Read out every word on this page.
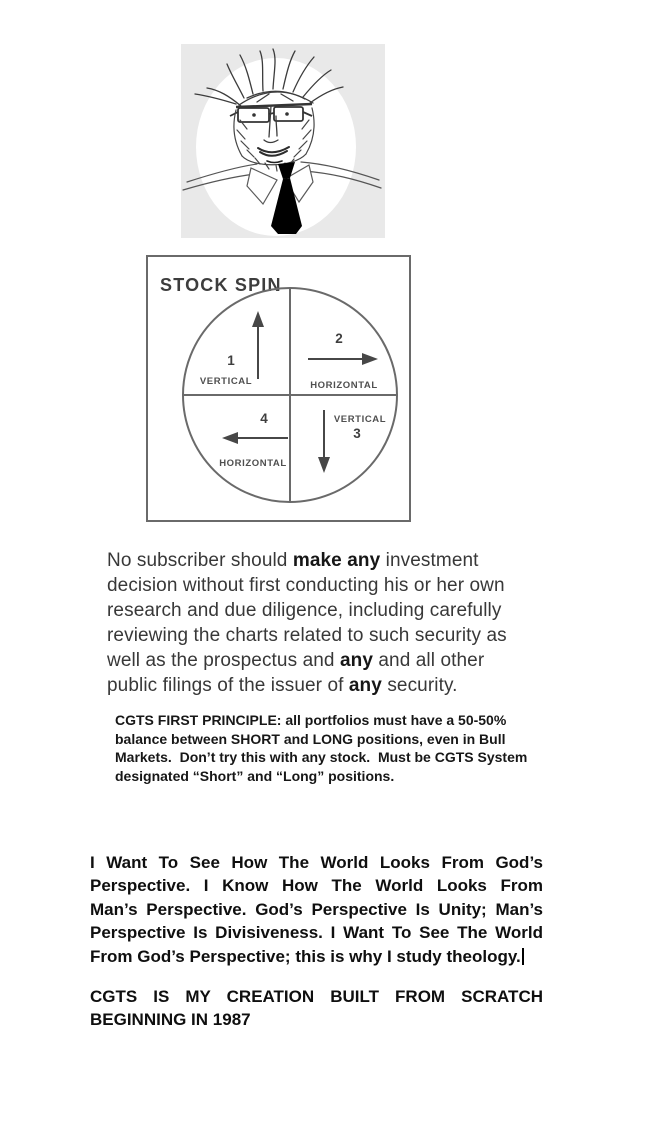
STOCK SPIN
1
VERTICAL
2
HORIZONTAL
VERTICAL
3
4
HORIZONTAL
No subscriber should make any investment
decision without first conducting his or her own
research and due diligence, including carefully
reviewing the charts related to such security as
well as the prospectus and any and all other
public filings of the issuer of any security.
CGTS FIRST PRINCIPLE: all portfolios must have a 50-50%
balance between SHORT and LONG positions, even in Bull
Markets.  Don’t try this with any stock.  Must be CGTS System
designated “Short” and “Long” positions.
I Want To See How The World Looks From God’s
Perspective. I Know How The World Looks From
Man’s Perspective. God’s Perspective Is Unity; Man’s
Perspective Is Divisiveness. I Want To See The World
From God’s Perspective; this is why I study theology.
CGTS IS MY CREATION BUILT FROM SCRATCH
BEGINNING IN 1987
